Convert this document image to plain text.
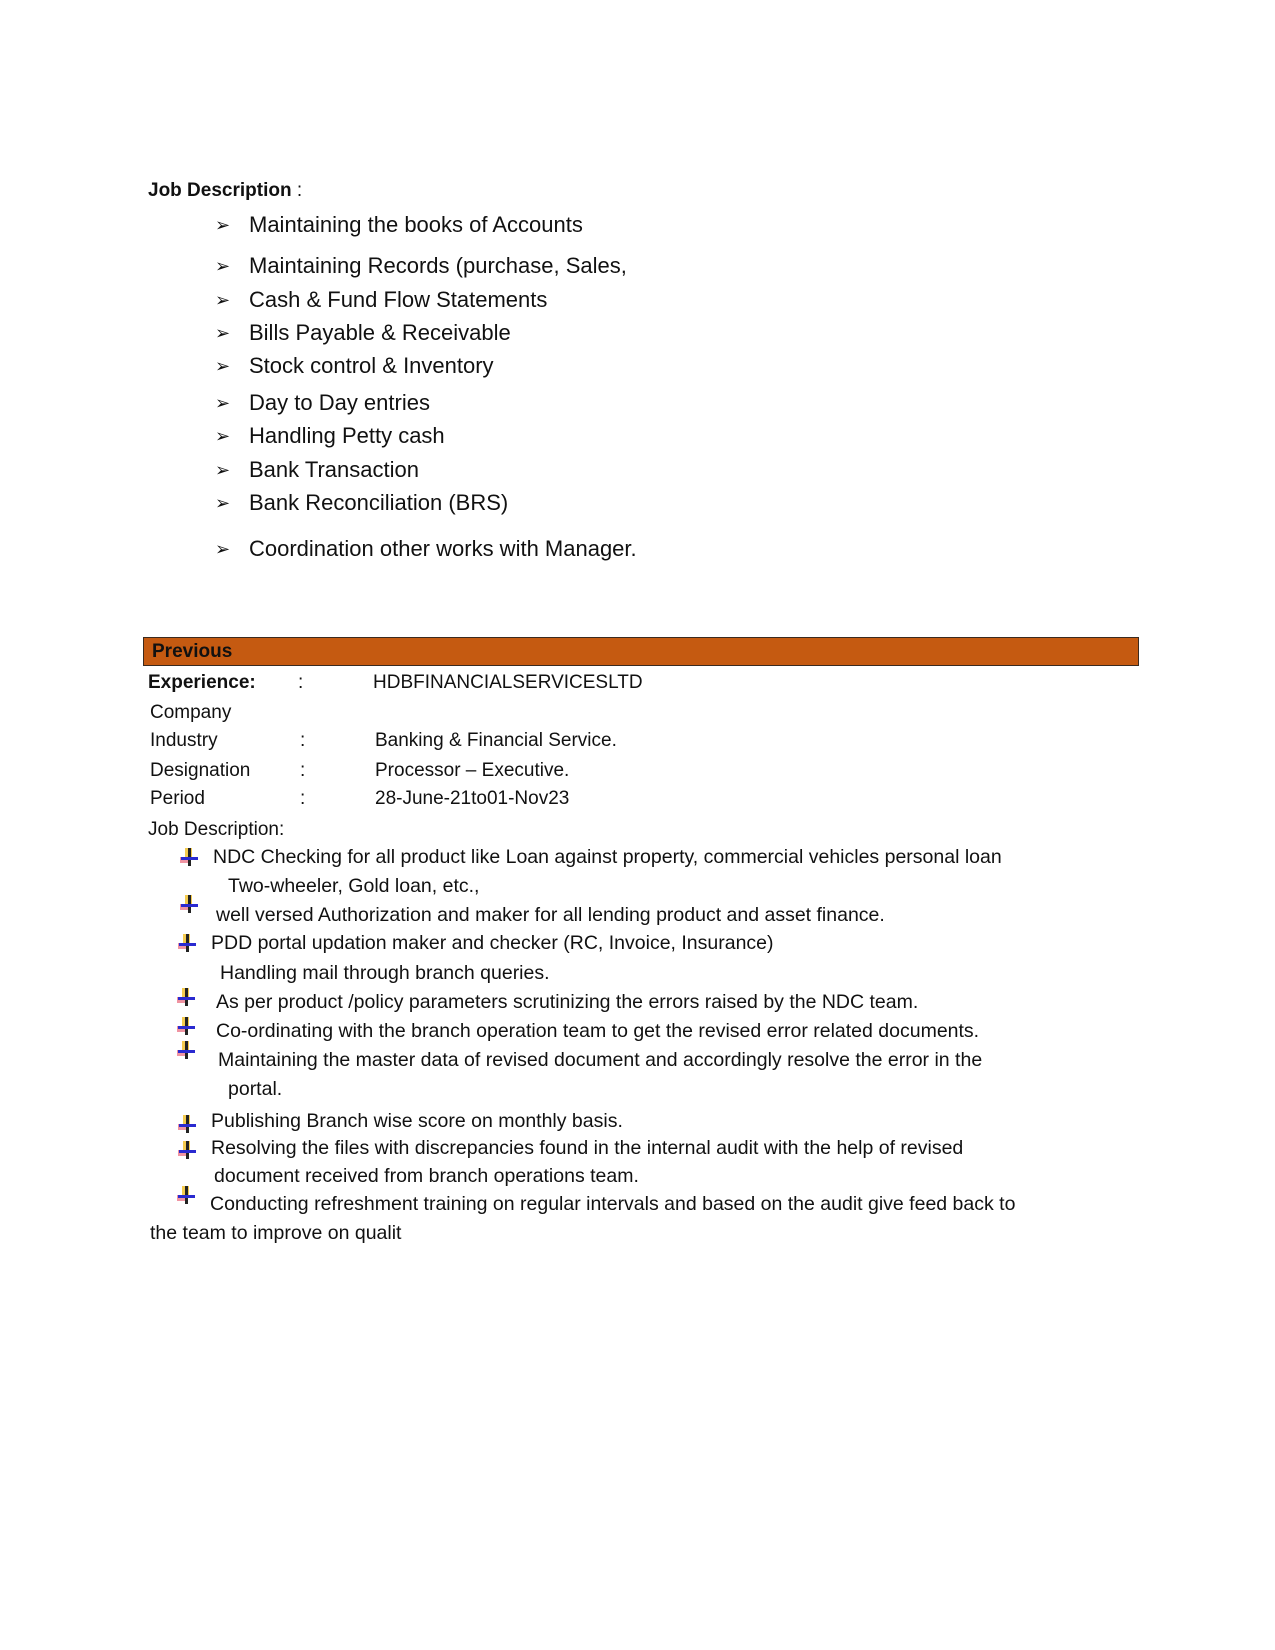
Job Description :
➢ Maintaining the books of Accounts
➢ Maintaining Records (purchase, Sales,
➢ Cash & Fund Flow Statements
➢ Bills Payable & Receivable
➢ Stock control & Inventory
➢ Day to Day entries
➢ Handling Petty cash
➢ Bank Transaction
➢ Bank Reconciliation (BRS)
➢ Coordination other works with Manager.
Previous
Experience: :	HDBFINANCIALSERVICESLTD
Company
Industry	:	Banking & Financial Service.
Designation	:	Processor – Executive.
Period	:	28-June-21to01-Nov23
Job Description:
NDC Checking for all product like Loan against property, commercial vehicles personal loan
Two-wheeler, Gold loan, etc.,
well versed Authorization and maker for all lending product and asset finance.
PDD portal updation maker and checker (RC, Invoice, Insurance)
Handling mail through branch queries.
As per product /policy parameters scrutinizing the errors raised by the NDC team.
Co-ordinating with the branch operation team to get the revised error related documents.
Maintaining the master data of revised document and accordingly resolve the error in the
portal.
Publishing Branch wise score on monthly basis.
Resolving the files with discrepancies found in the internal audit with the help of revised
document received from branch operations team.
Conducting refreshment training on regular intervals and based on the audit give feed back to
the team to improve on qualit
